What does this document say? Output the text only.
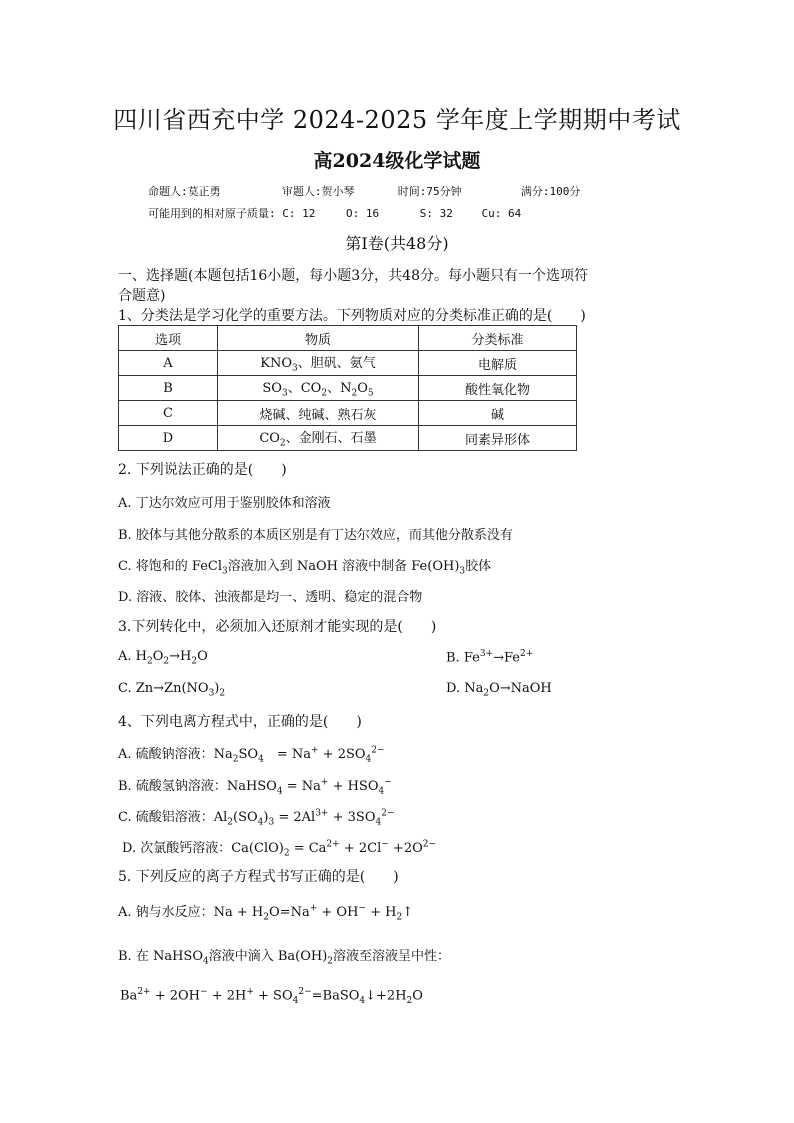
四川省西充中学 2024-2025 学年度上学期期中考试
高2024级化学试题
命题人:莫正勇	审题人:贺小琴	时间:75分钟	满分:100分
可能用到的相对原子质量: C: 12	O: 16	S: 32	Cu: 64
第Ⅰ卷(共48分)
一、选择题(本题包括16小题，每小题3分，共48分。每小题只有一个选项符
合题意)
1、分类法是学习化学的重要方法。下列物质对应的分类标准正确的是(　　)
选项	物质	分类标准
A	$KNO_3$、胆矾、氨气	电解质
B	$SO_3$、$CO_2$、$N_2O_5$	酸性氧化物
C	烧碱、纯碱、熟石灰	碱
D	$CO_2$、金刚石、石墨	同素异形体
2. 下列说法正确的是(　　)
A. 丁达尔效应可用于鉴别胶体和溶液
B. 胶体与其他分散系的本质区别是有丁达尔效应，而其他分散系没有
C. 将饱和的 FeCl$_3$溶液加入到 NaOH 溶液中制备 $Fe(OH)_3$胶体
D. 溶液、胶体、浊液都是均一、透明、稳定的混合物
3.下列转化中，必须加入还原剂才能实现的是(　　)
A. $H_2O_2\to H_2O$	B. $Fe^{3+}\to Fe^{2+}$
C. $Zn\to Zn(NO_3)_2$	D. $Na_2O\to NaOH$
4、下列电离方程式中，正确的是(　　)
A. 硫酸钠溶液：$Na_2SO_4$　= $Na^+ + 2SO_4^{2-}$
B. 硫酸氢钠溶液：NaHSO$_4$ = $Na^+ + HSO_4^-$
C. 硫酸铝溶液：$Al_2(SO_4)_3 = 2Al^{3+} + 3SO_4^{2-}$
D. 次氯酸钙溶液：$Ca(ClO)_2 = Ca^{2+} + 2Cl^- +2O^{2-}$
5. 下列反应的离子方程式书写正确的是(　　)
A. 钠与水反应：$Na + H_2O=Na^+ + OH^-$ + $H_2↑$
B. 在 NaHSO$_4$溶液中滴入 $Ba(OH)_2$溶液至溶液呈中性：
$Ba^{2+} + 2OH^- + 2H^+$ + $SO_4^{2-}=BaSO_4↓+2H_2O$
